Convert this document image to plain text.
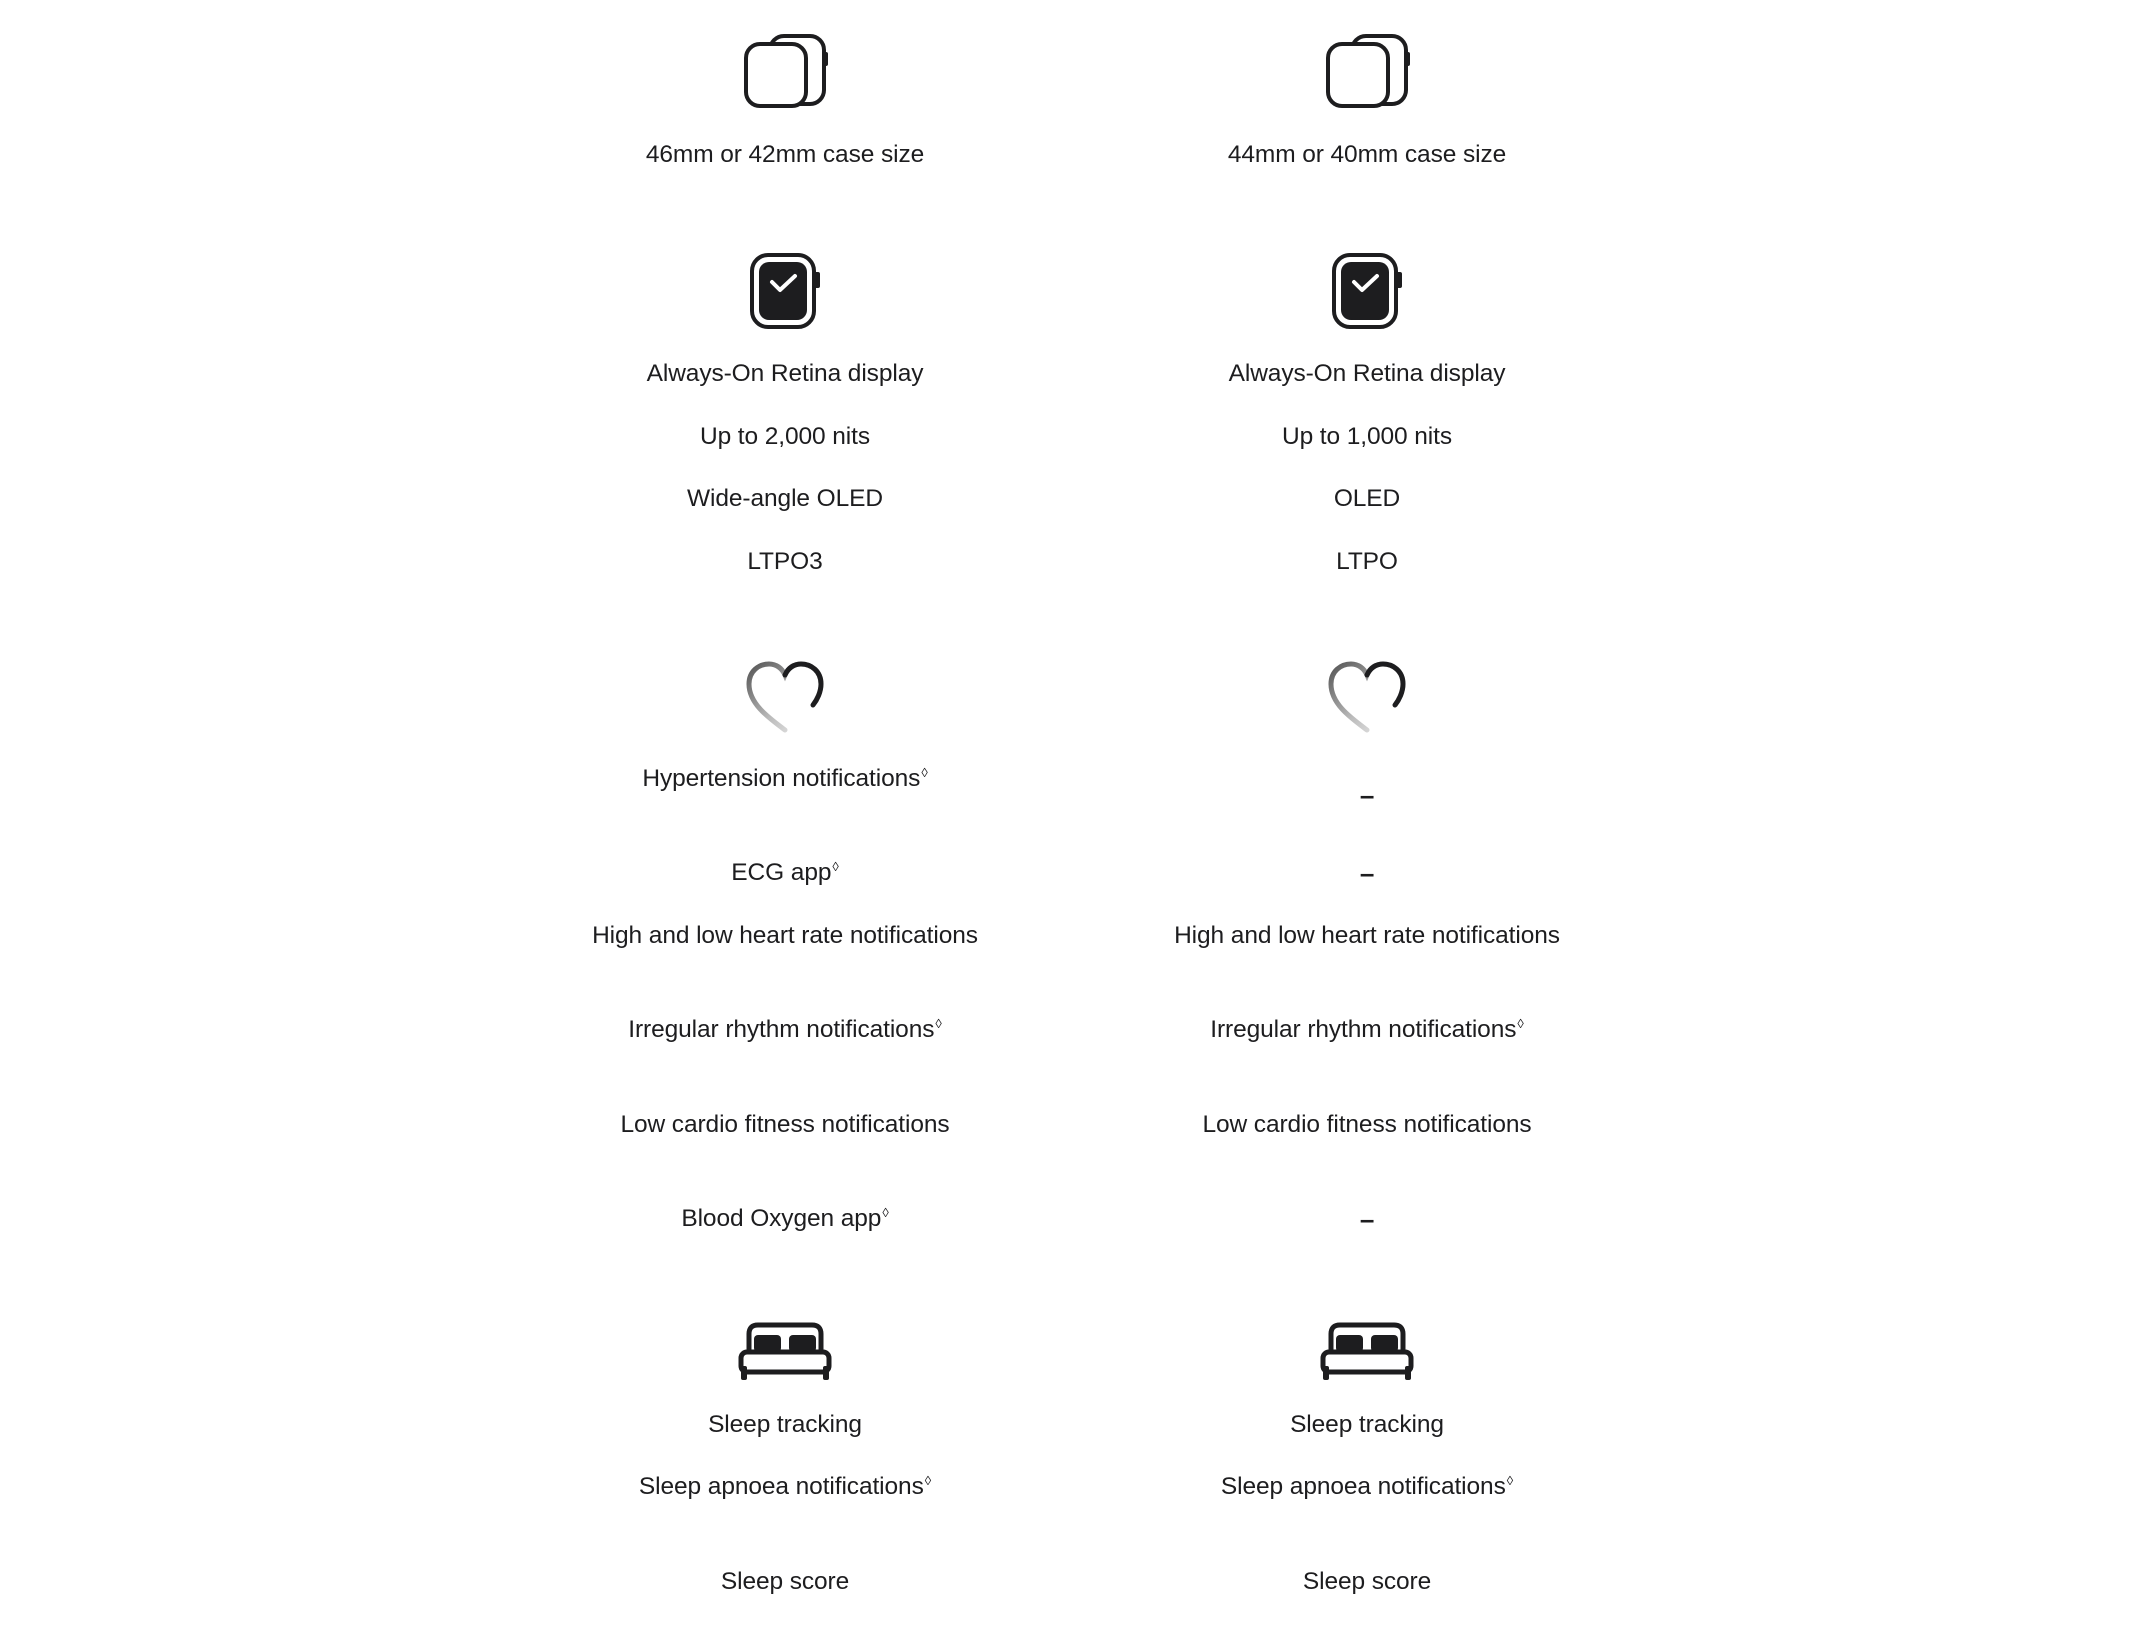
46mm or 42mm case size
Always-On Retina display
Up to 2,000 nits
Wide-angle OLED
LTPO3
Hypertension notifications◊
ECG app◊
High and low heart rate notifications
Irregular rhythm notifications◊
Low cardio fitness notifications
Blood Oxygen app◊
Sleep tracking
Sleep apnoea notifications◊
Sleep score
44mm or 40mm case size
Always-On Retina display
Up to 1,000 nits
OLED
LTPO
–
–
High and low heart rate notifications
Irregular rhythm notifications◊
Low cardio fitness notifications
–
Sleep tracking
Sleep apnoea notifications◊
Sleep score
